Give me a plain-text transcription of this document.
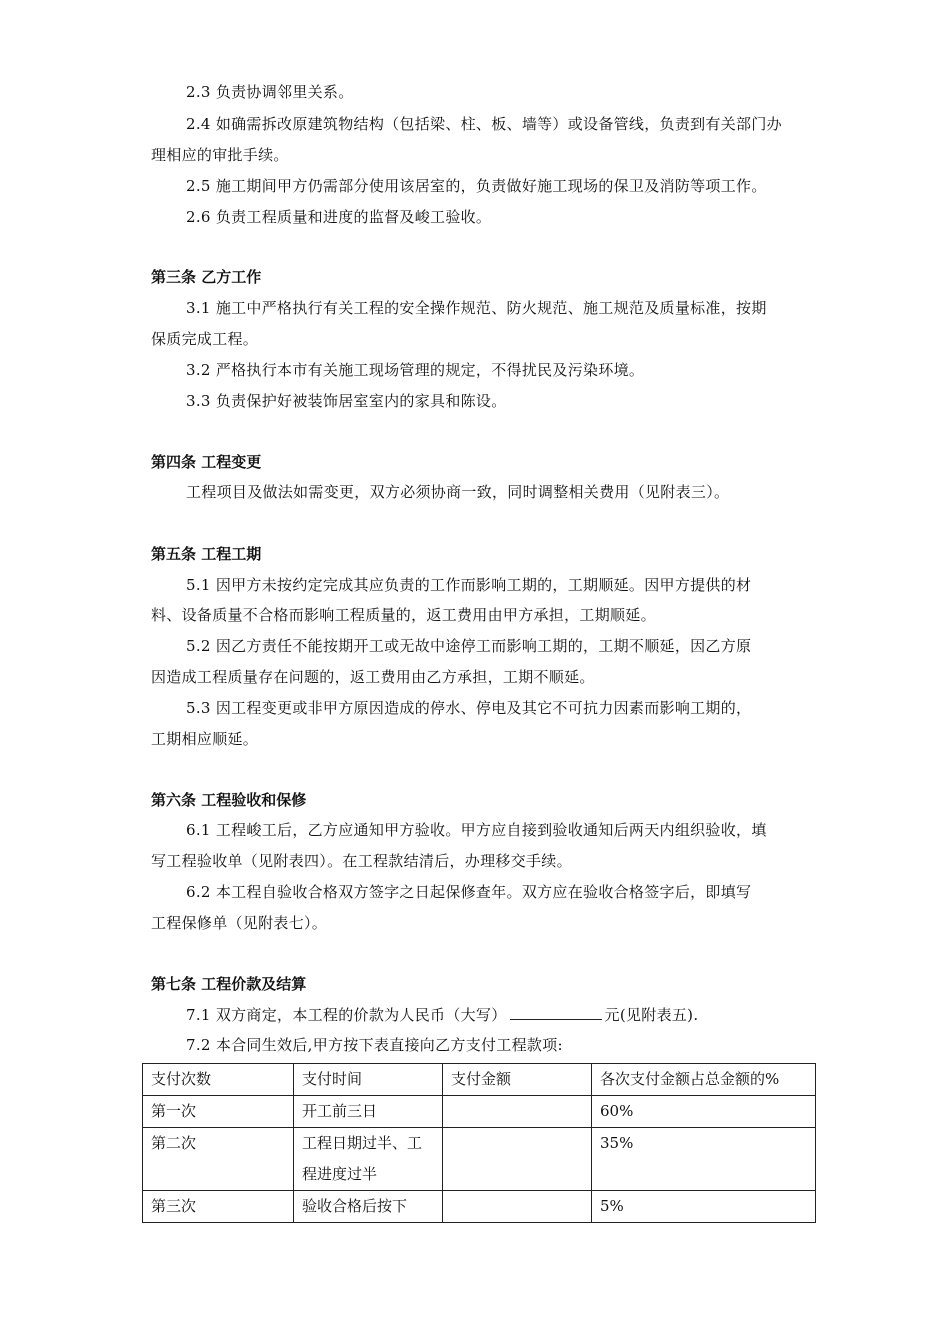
2.3 负责协调邻里关系。
2.4 如确需拆改原建筑物结构（包括梁、柱、板、墙等）或设备管线，负责到有关部门办
理相应的审批手续。
2.5 施工期间甲方仍需部分使用该居室的，负责做好施工现场的保卫及消防等项工作。
2.6 负责工程质量和进度的监督及峻工验收。
第三条 乙方工作
3.1 施工中严格执行有关工程的安全操作规范、防火规范、施工规范及质量标准，按期
保质完成工程。
3.2 严格执行本市有关施工现场管理的规定，不得扰民及污染环境。
3.3 负责保护好被装饰居室室内的家具和陈设。
第四条 工程变更
工程项目及做法如需变更，双方必须协商一致，同时调整相关费用（见附表三）。
第五条 工程工期
5.1 因甲方未按约定完成其应负责的工作而影响工期的，工期顺延。因甲方提供的材
料、设备质量不合格而影响工程质量的，返工费用由甲方承担，工期顺延。
5.2 因乙方责任不能按期开工或无故中途停工而影响工期的，工期不顺延，因乙方原
因造成工程质量存在问题的，返工费用由乙方承担，工期不顺延。
5.3 因工程变更或非甲方原因造成的停水、停电及其它不可抗力因素而影响工期的，
工期相应顺延。
第六条 工程验收和保修
6.1 工程峻工后，乙方应通知甲方验收。甲方应自接到验收通知后两天内组织验收，填
写工程验收单（见附表四）。在工程款结清后，办理移交手续。
6.2 本工程自验收合格双方签字之日起保修查年。双方应在验收合格签字后，即填写
工程保修单（见附表七）。
第七条 工程价款及结算
7.1 双方商定，本工程的价款为人民币（大写）	元(见附表五).
7.2 本合同生效后,甲方按下表直接向乙方支付工程款项:
支付次数	支付时间	支付金额	各次支付金额占总金额的%
第一次	开工前三日		60%
第二次	工程日期过半、工
程进度过半		35%
第三次	验收合格后按下		5%
